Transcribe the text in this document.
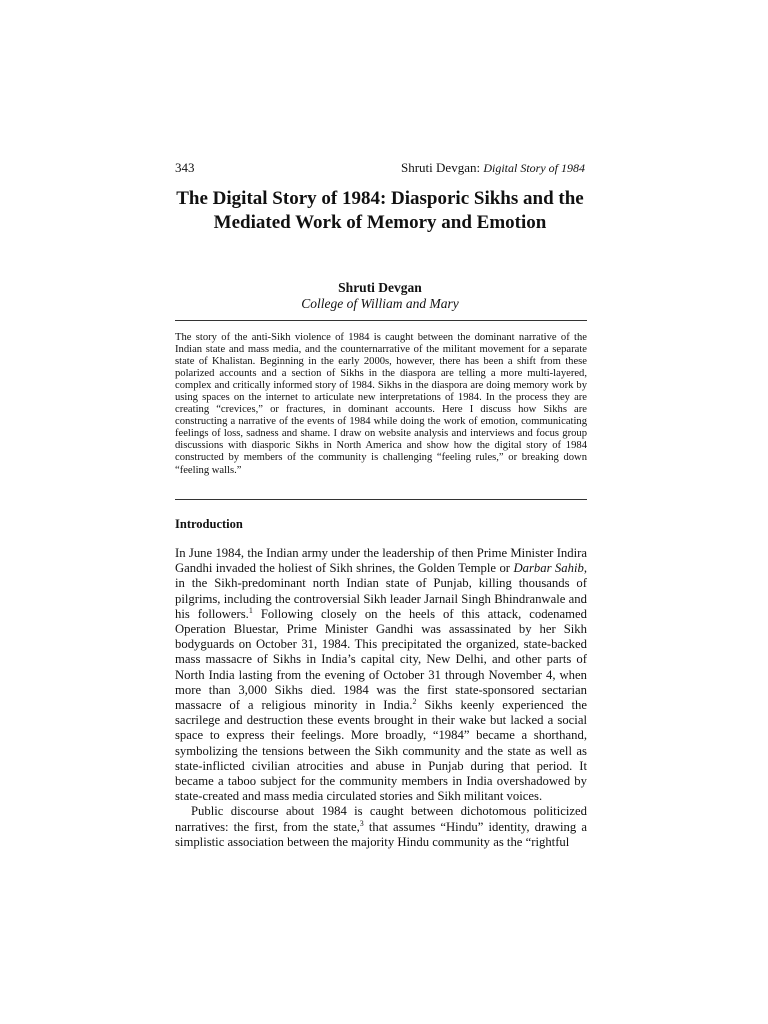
343	Shruti Devgan: Digital Story of 1984
The Digital Story of 1984: Diasporic Sikhs and the Mediated Work of Memory and Emotion
Shruti Devgan
College of William and Mary

The story of the anti-Sikh violence of 1984 is caught between the dominant narrative of the Indian state and mass media, and the counternarrative of the militant movement for a separate state of Khalistan. Beginning in the early 2000s, however, there has been a shift from these polarized accounts and a section of Sikhs in the diaspora are telling a more multi-layered, complex and critically informed story of 1984. Sikhs in the diaspora are doing memory work by using spaces on the internet to articulate new interpretations of 1984. In the process they are creating “crevices,” or fractures, in dominant accounts. Here I discuss how Sikhs are constructing a narrative of the events of 1984 while doing the work of emotion, communicating feelings of loss, sadness and shame. I draw on website analysis and interviews and focus group discussions with diasporic Sikhs in North America and show how the digital story of 1984 constructed by members of the community is challenging “feeling rules,” or breaking down “feeling walls.”

Introduction

In June 1984, the Indian army under the leadership of then Prime Minister Indira Gandhi invaded the holiest of Sikh shrines, the Golden Temple or Darbar Sahib, in the Sikh-predominant north Indian state of Punjab, killing thousands of pilgrims, including the controversial Sikh leader Jarnail Singh Bhindranwale and his followers.$^1$ Following closely on the heels of this attack, codenamed Operation Bluestar, Prime Minister Gandhi was assassinated by her Sikh bodyguards on October 31, 1984. This precipitated the organized, state-backed mass massacre of Sikhs in India’s capital city, New Delhi, and other parts of North India lasting from the evening of October 31 through November 4, when more than 3,000 Sikhs died. 1984 was the first state-sponsored sectarian massacre of a religious minority in India.$^2$ Sikhs keenly experienced the sacrilege and destruction these events brought in their wake but lacked a social space to express their feelings. More broadly, “1984” became a shorthand, symbolizing the tensions between the Sikh community and the state as well as state-inflicted civilian atrocities and abuse in Punjab during that period. It became a taboo subject for the community members in India overshadowed by state-created and mass media circulated stories and Sikh militant voices.

Public discourse about 1984 is caught between dichotomous politicized narratives: the first, from the state,$^3$ that assumes “Hindu” identity, drawing a simplistic association between the majority Hindu community as the “rightful
